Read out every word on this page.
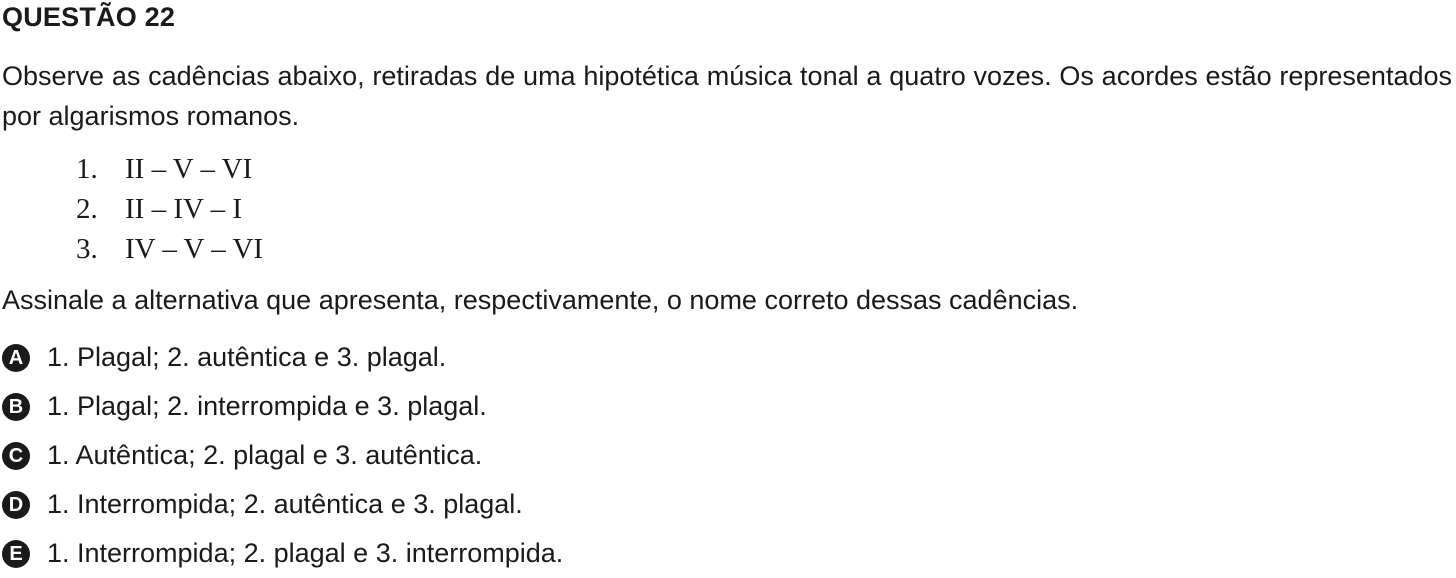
QUESTÃO 22
Observe as cadências abaixo, retiradas de uma hipotética música tonal a quatro vozes. Os acordes estão representados por algarismos romanos.
1. II – V – VI
2. II – IV – I
3. IV – V – VI
Assinale a alternativa que apresenta, respectivamente, o nome correto dessas cadências.
A 1. Plagal; 2. autêntica e 3. plagal.
B 1. Plagal; 2. interrompida e 3. plagal.
C 1. Autêntica; 2. plagal e 3. autêntica.
D 1. Interrompida; 2. autêntica e 3. plagal.
E 1. Interrompida; 2. plagal e 3. interrompida.
